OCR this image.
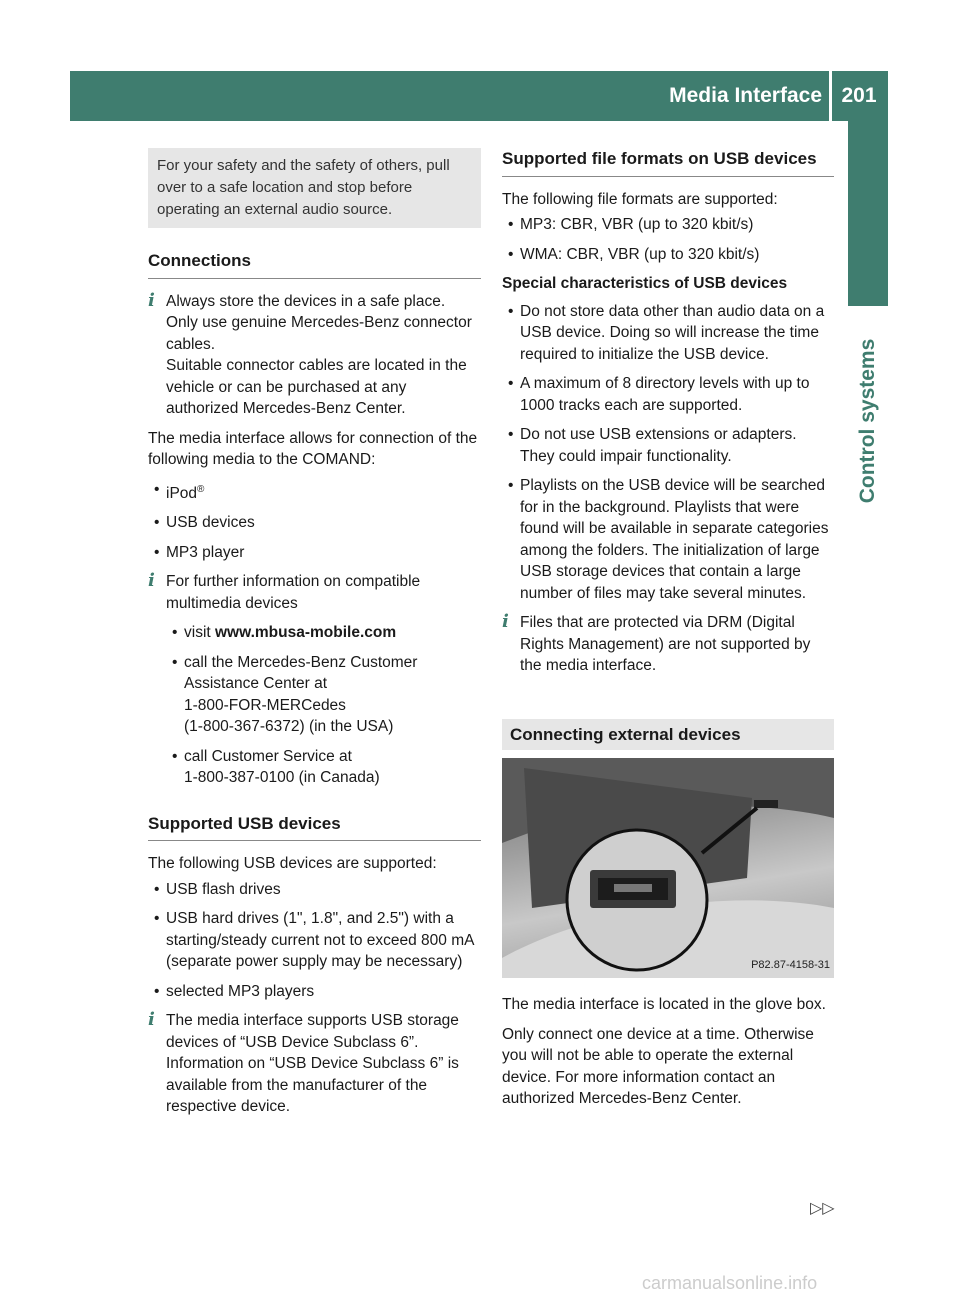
Media Interface 201
Control systems
For your safety and the safety of others, pull over to a safe location and stop before operating an external audio source.
Connections
i Always store the devices in a safe place.

Only use genuine Mercedes-Benz connector cables.

Suitable connector cables are located in the vehicle or can be purchased at any authorized Mercedes-Benz Center.

The media interface allows for connection of the following media to the COMAND:

• iPod®
• USB devices
• MP3 player
i For further information on compatible multimedia devices

• visit www.mbusa-mobile.com

• call the Mercedes-Benz Customer

Assistance Center at

1-800-FOR-MERCedes

(1-800-367-6372) (in the USA)

• call Customer Service at

1-800-387-0100 (in Canada)

Supported USB devices

The following USB devices are supported:

• USB flash drives
• USB hard drives (1", 1.8", and 2.5") with a starting/steady current not to exceed 800 mA (separate power supply may be necessary)
• selected MP3 players
i The media interface supports USB storage devices of “USB Device Subclass 6”. Information on “USB Device Subclass 6” is available from the manufacturer of the respective device.

Supported file formats on USB devices

The following file formats are supported:

• MP3: CBR, VBR (up to 320 kbit/s)
• WMA: CBR, VBR (up to 320 kbit/s)

Special characteristics of USB devices

• Do not store data other than audio data on a USB device. Doing so will increase the time required to initialize the USB device.
• A maximum of 8 directory levels with up to 1000 tracks each are supported.
• Do not use USB extensions or adapters. They could impair functionality.
• Playlists on the USB device will be searched for in the background. Playlists that were found will be available in separate categories among the folders. The initialization of large USB storage devices that contain a large number of files may take several minutes.
i Files that are protected via DRM (Digital Rights Management) are not supported by the media interface.

Connecting external devices
P82.87-4158-31

The media interface is located in the glove box.

Only connect one device at a time. Otherwise you will not be able to operate the external device. For more information contact an authorized Mercedes-Benz Center.

▷▷
carmanualsonline.info
